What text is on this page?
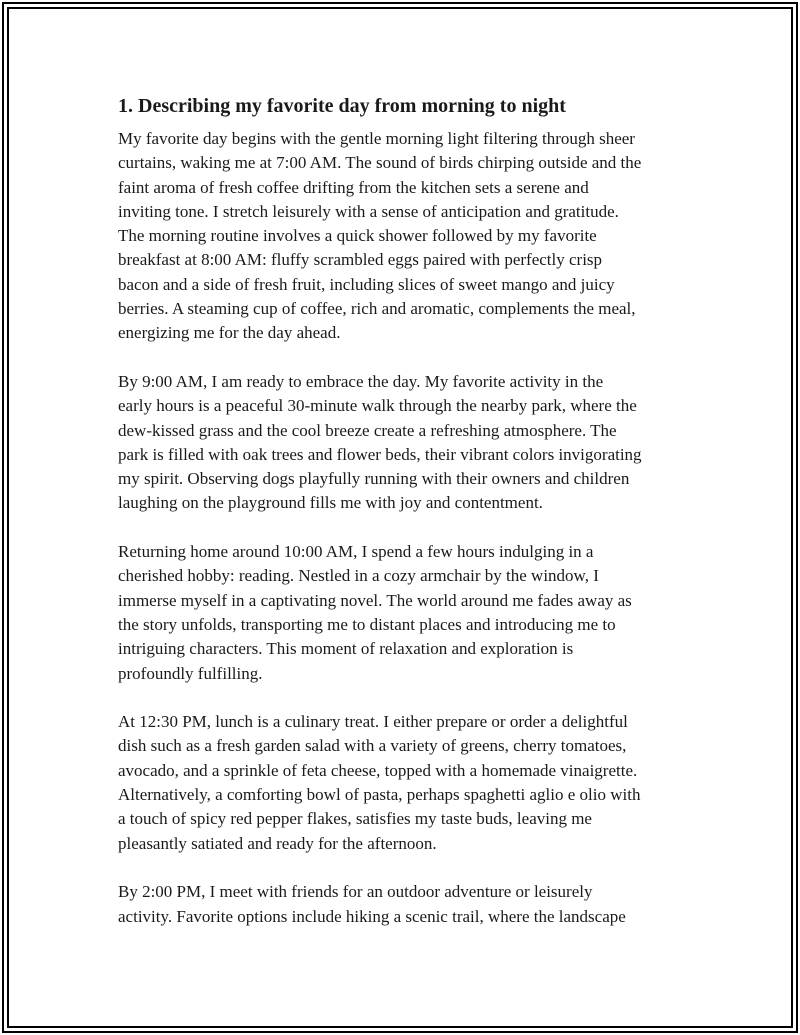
1. Describing my favorite day from morning to night
My favorite day begins with the gentle morning light filtering through sheer
curtains, waking me at 7:00 AM. The sound of birds chirping outside and the
faint aroma of fresh coffee drifting from the kitchen sets a serene and
inviting tone. I stretch leisurely with a sense of anticipation and gratitude.
The morning routine involves a quick shower followed by my favorite
breakfast at 8:00 AM: fluffy scrambled eggs paired with perfectly crisp
bacon and a side of fresh fruit, including slices of sweet mango and juicy
berries. A steaming cup of coffee, rich and aromatic, complements the meal,
energizing me for the day ahead.
By 9:00 AM, I am ready to embrace the day. My favorite activity in the
early hours is a peaceful 30-minute walk through the nearby park, where the
dew-kissed grass and the cool breeze create a refreshing atmosphere. The
park is filled with oak trees and flower beds, their vibrant colors invigorating
my spirit. Observing dogs playfully running with their owners and children
laughing on the playground fills me with joy and contentment.
Returning home around 10:00 AM, I spend a few hours indulging in a
cherished hobby: reading. Nestled in a cozy armchair by the window, I
immerse myself in a captivating novel. The world around me fades away as
the story unfolds, transporting me to distant places and introducing me to
intriguing characters. This moment of relaxation and exploration is
profoundly fulfilling.
At 12:30 PM, lunch is a culinary treat. I either prepare or order a delightful
dish such as a fresh garden salad with a variety of greens, cherry tomatoes,
avocado, and a sprinkle of feta cheese, topped with a homemade vinaigrette.
Alternatively, a comforting bowl of pasta, perhaps spaghetti aglio e olio with
a touch of spicy red pepper flakes, satisfies my taste buds, leaving me
pleasantly satiated and ready for the afternoon.
By 2:00 PM, I meet with friends for an outdoor adventure or leisurely
activity. Favorite options include hiking a scenic trail, where the landscape
